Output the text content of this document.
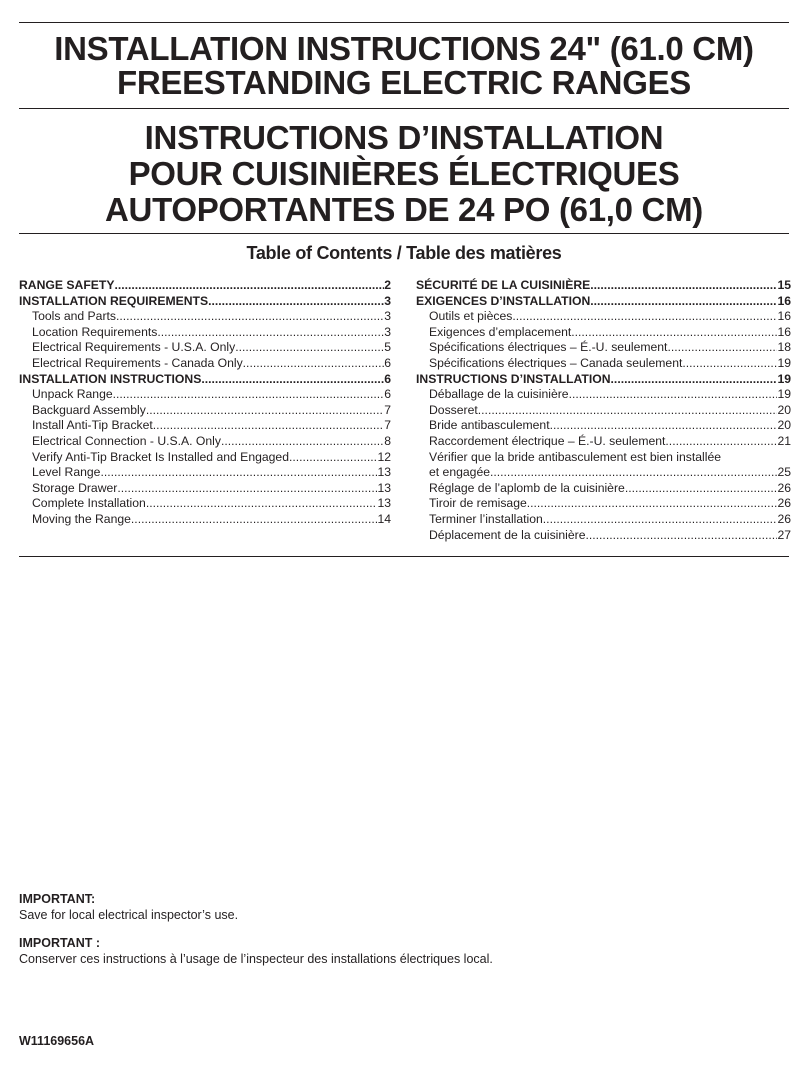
INSTALLATION INSTRUCTIONS 24" (61.0 CM)
FREESTANDING ELECTRIC RANGES
INSTRUCTIONS D’INSTALLATION
POUR CUISINIÈRES ÉLECTRIQUES
AUTOPORTANTES DE 24 PO (61,0 CM)
Table of Contents / Table des matières
RANGE SAFETY .....	2
INSTALLATION REQUIREMENTS .....	3
Tools and Parts .....	3
Location Requirements .....	3
Electrical Requirements - U.S.A. Only .....	5
Electrical Requirements - Canada Only .....	6
INSTALLATION INSTRUCTIONS .....	6
Unpack Range .....	6
Backguard Assembly .....	7
Install Anti-Tip Bracket .....	7
Electrical Connection - U.S.A. Only .....	8
Verify Anti-Tip Bracket Is Installed and Engaged .....	12
Level Range .....	13
Storage Drawer .....	13
Complete Installation .....	13
Moving the Range .....	14
SÉCURITÉ DE LA CUISINIÈRE .....	15
EXIGENCES D’INSTALLATION .....	16
Outils et pièces .....	16
Exigences d’emplacement .....	16
Spécifications électriques – É.-U. seulement .....	18
Spécifications électriques – Canada seulement .....	19
INSTRUCTIONS D’INSTALLATION .....	19
Déballage de la cuisinière .....	19
Dosseret .....	20
Bride antibasculement .....	20
Raccordement électrique – É.-U. seulement .....	21
Vérifier que la bride antibasculement est bien installée
et engagée .....	25
Réglage de l’aplomb de la cuisinière .....	26
Tiroir de remisage .....	26
Terminer l’installation .....	26
Déplacement de la cuisinière .....	27
IMPORTANT:
Save for local electrical inspector’s use.
IMPORTANT :
Conserver ces instructions à l’usage de l’inspecteur des installations électriques local.
W11169656A
